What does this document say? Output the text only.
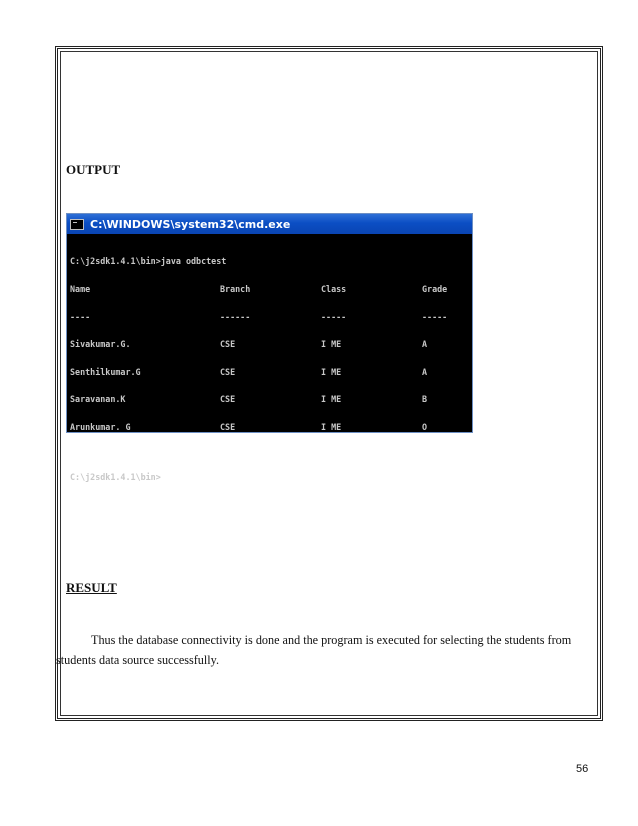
OUTPUT
C:\WINDOWS\system32\cmd.exe

C:\j2sdk1.4.1\bin>java odbctest

Name	Branch	Class	Grade

----	------	-----	-----

Sivakumar.G.	CSE	I ME	A

Senthilkumar.G	CSE	I ME	A

Saravanan.K	CSE	I ME	B

Arunkumar. G	CSE	I ME	O

C:\j2sdk1.4.1\bin>

RESULT

Thus the database connectivity is done and the program is executed for selecting the students from students data source successfully.

56
